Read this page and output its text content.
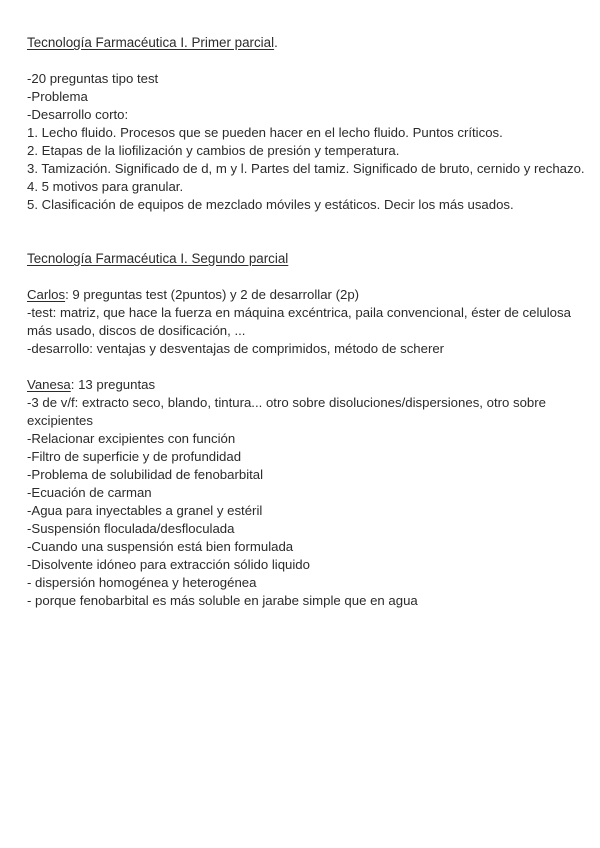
Tecnología Farmacéutica I. Primer parcial.

-20 preguntas tipo test

-Problema

-Desarrollo corto:

1. Lecho fluido. Procesos que se pueden hacer en el lecho fluido. Puntos críticos.

2. Etapas de la liofilización y cambios de presión y temperatura.

3. Tamización. Significado de d, m y l. Partes del tamiz. Significado de bruto, cernido y rechazo.

4. 5 motivos para granular.

5. Clasificación de equipos de mezclado móviles y estáticos. Decir los más usados.

Tecnología Farmacéutica I. Segundo parcial

Carlos: 9 preguntas test (2puntos) y 2 de desarrollar (2p)

-test: matriz, que hace la fuerza en máquina excéntrica, paila convencional, éster de celulosa más usado, discos de dosificación, ...

-desarrollo: ventajas y desventajas de comprimidos, método de scherer

Vanesa: 13 preguntas

-3 de v/f: extracto seco, blando, tintura... otro sobre disoluciones/dispersiones, otro sobre excipientes

-Relacionar excipientes con función

-Filtro de superficie y de profundidad

-Problema de solubilidad de fenobarbital

-Ecuación de carman

-Agua para inyectables a granel y estéril

-Suspensión floculada/desfloculada

-Cuando una suspensión está bien formulada

-Disolvente idóneo para extracción sólido liquido

- dispersión homogénea y heterogénea

- porque fenobarbital es más soluble en jarabe simple que en agua
